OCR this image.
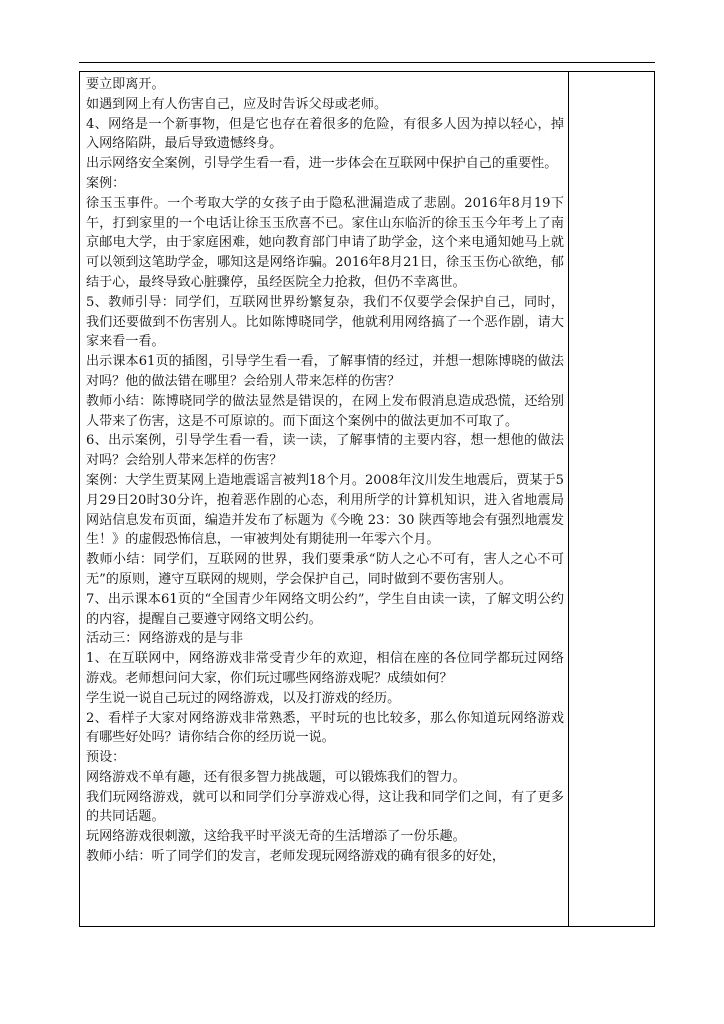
要立即离开。

如遇到网上有人伤害自己，应及时告诉父母或老师。

4、网络是一个新事物，但是它也存在着很多的危险，有很多人因为掉以轻心，掉入网络陷阱，最后导致遗憾终身。

出示网络安全案例，引导学生看一看，进一步体会在互联网中保护自己的重要性。

案例：

徐玉玉事件。一个考取大学的女孩子由于隐私泄漏造成了悲剧。2016年8月19下午，打到家里的一个电话让徐玉玉欣喜不已。家住山东临沂的徐玉玉今年考上了南京邮电大学，由于家庭困难，她向教育部门申请了助学金，这个来电通知她马上就可以领到这笔助学金，哪知这是网络诈骗。2016年8月21日，徐玉玉伤心欲绝，郁结于心，最终导致心脏骤停，虽经医院全力抢救，但仍不幸离世。

5、教师引导：同学们，互联网世界纷繁复杂，我们不仅要学会保护自己，同时，我们还要做到不伤害别人。比如陈博晓同学，他就利用网络搞了一个恶作剧，请大家来看一看。

出示课本61页的插图，引导学生看一看，了解事情的经过，并想一想陈博晓的做法对吗？他的做法错在哪里？会给别人带来怎样的伤害？

教师小结：陈博晓同学的做法显然是错误的，在网上发布假消息造成恐慌，还给别人带来了伤害，这是不可原谅的。而下面这个案例中的做法更加不可取了。

6、出示案例，引导学生看一看，读一读，了解事情的主要内容，想一想他的做法对吗？会给别人带来怎样的伤害？

案例：大学生贾某网上造地震谣言被判18个月。2008年汶川发生地震后，贾某于5月29日20时30分许，抱着恶作剧的心态，利用所学的计算机知识，进入省地震局网站信息发布页面，编造并发布了标题为《今晚 23：30 陕西等地会有强烈地震发生！》的虚假恐怖信息，一审被判处有期徒刑一年零六个月。

教师小结：同学们，互联网的世界，我们要秉承“防人之心不可有，害人之心不可无”的原则，遵守互联网的规则，学会保护自己，同时做到不要伤害别人。

7、出示课本61页的“全国青少年网络文明公约”，学生自由读一读，了解文明公约的内容，提醒自己要遵守网络文明公约。

活动三：网络游戏的是与非

1、在互联网中，网络游戏非常受青少年的欢迎，相信在座的各位同学都玩过网络游戏。老师想问问大家，你们玩过哪些网络游戏呢？成绩如何？

学生说一说自己玩过的网络游戏，以及打游戏的经历。

2、看样子大家对网络游戏非常熟悉，平时玩的也比较多，那么你知道玩网络游戏有哪些好处吗？请你结合你的经历说一说。

预设：

网络游戏不单有趣，还有很多智力挑战题，可以锻炼我们的智力。

我们玩网络游戏，就可以和同学们分享游戏心得，这让我和同学们之间，有了更多的共同话题。

玩网络游戏很刺激，这给我平时平淡无奇的生活增添了一份乐趣。

教师小结：听了同学们的发言，老师发现玩网络游戏的确有很多的好处，
